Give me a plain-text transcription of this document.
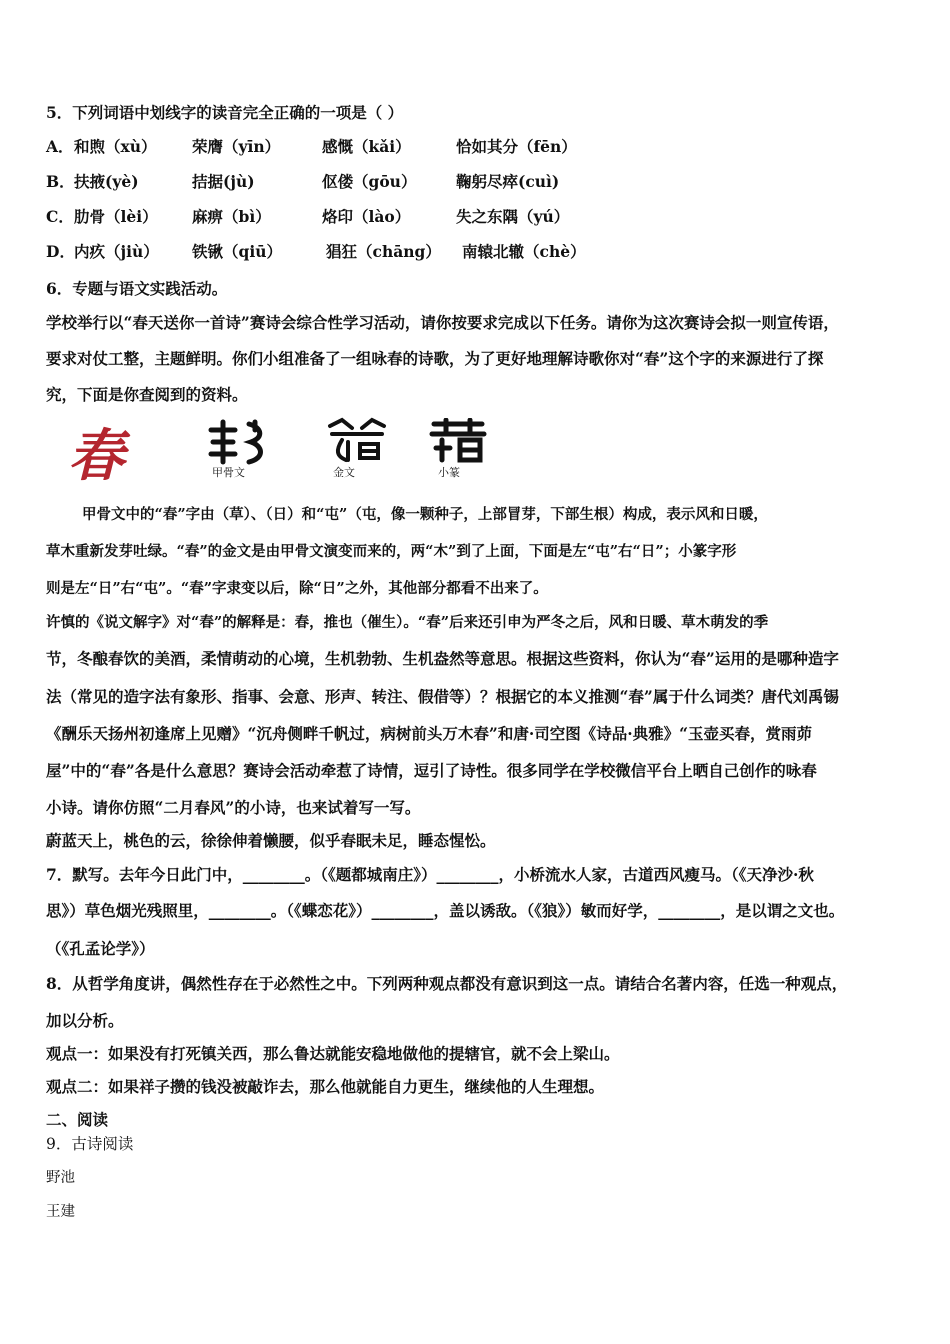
5．下列词语中划线字的读音完全正确的一项是（ ）
A． 和煦（xù） 荣膺（yīn）	感慨（kǎi）	恰如其分（fēn）
B． 扶掖(yè)	拮据(jù)	伛偻（gōu）	鞠躬尽瘁(cuì)
C． 肋骨（lèi） 麻痹（bì）	烙印（lào）	失之东隅（yú）
D． 内疚（jiù） 铁锹（qiū）	猖狂（chāng） 南辕北辙（chè）
6．专题与语文实践活动。
学校举行以“春天送你一首诗”赛诗会综合性学习活动，请你按要求完成以下任务。请你为这次赛诗会拟一则宣传语，
要求对仗工整，主题鲜明。你们小组准备了一组咏春的诗歌，为了更好地理解诗歌你对“春”这个字的来源进行了探
究，下面是你查阅到的资料。
春	甲骨文	金文	小篆
甲骨文中的“春”字由（草）、（日）和“屯”（屯，像一颗种子，上部冒芽，下部生根）构成，表示风和日暖，
草木重新发芽吐绿。“春”的金文是由甲骨文演变而来的，两“木”到了上面，下面是左“屯”右“日”；小篆字形
则是左“日”右“屯”。“春”字隶变以后，除“日”之外，其他部分都看不出来了。
许慎的《说文解字》对“春”的解释是：春，推也（催生）。“春”后来还引申为严冬之后，风和日暖、草木萌发的季
节，冬酿春饮的美酒，柔情萌动的心境，生机勃勃、生机盎然等意思。根据这些资料，你认为“春”运用的是哪种造字
法（常见的造字法有象形、指事、会意、形声、转注、假借等）？根据它的本义推测“春”属于什么词类？唐代刘禹锡
《酬乐天扬州初逢席上见赠》“沉舟侧畔千帆过，病树前头万木春”和唐·司空图《诗品·典雅》“玉壶买春，赏雨茆
屋”中的“春”各是什么意思？赛诗会活动牵惹了诗情，逗引了诗性。很多同学在学校微信平台上晒自己创作的咏春
小诗。请你仿照“二月春风”的小诗，也来试着写一写。
蔚蓝天上，桃色的云，徐徐伸着懒腰，似乎春眠未足，睡态惺忪。
7．默写。去年今日此门中，________。（《题都城南庄》）________，小桥流水人家，古道西风瘦马。（《天净沙·秋
思》）草色烟光残照里，________。（《蝶恋花》）________，盖以诱敌。（《狼》）敏而好学，________，是以谓之文也。
（《孔孟论学》）
8．从哲学角度讲，偶然性存在于必然性之中。下列两种观点都没有意识到这一点。请结合名著内容，任选一种观点，
加以分析。
观点一：如果没有打死镇关西，那么鲁达就能安稳地做他的提辖官，就不会上梁山。
观点二：如果祥子攒的钱没被敲诈去，那么他就能自力更生，继续他的人生理想。
二、阅读
9．古诗阅读
野池
王建
